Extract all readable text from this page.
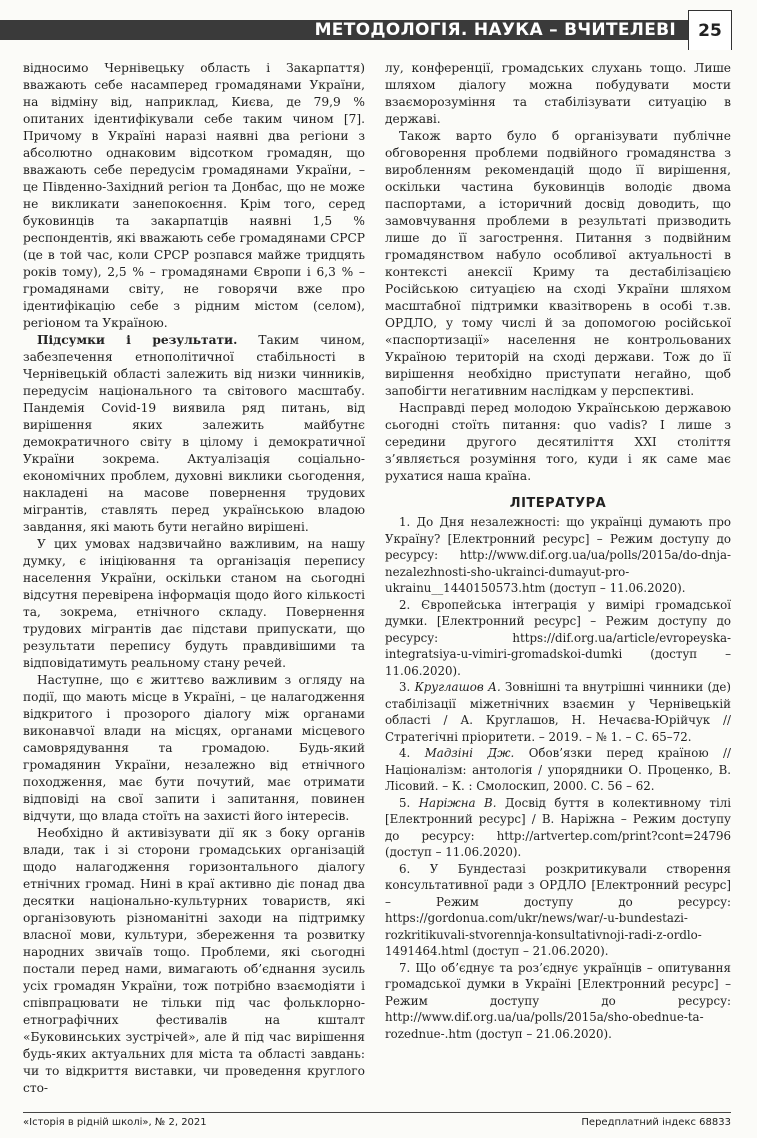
МЕТОДОЛОГІЯ. НАУКА – ВЧИТЕЛЕВІ	25

відносимо Чернівецьку область і Закарпаття) вважають себе насамперед громадянами України, на відміну від, наприклад, Києва, де 79,9 % опитаних ідентифікували себе таким чином [7]. Причому в Україні наразі наявні два регіони з абсолютно однаковим відсотком громадян, що вважають себе передусім громадянами України, – це Південно-Західний регіон та Донбас, що не може не викликати занепокоєння. Крім того, серед буковинців та закарпатців наявні 1,5 % респондентів, які вважають себе громадянами СРСР (це в той час, коли СРСР розпався майже тридцять років тому), 2,5 % – громадянами Європи і 6,3 % – громадянами світу, не говорячи вже про ідентифікацію себе з рідним містом (селом), регіоном та Україною.

Підсумки і результати. Таким чином, забезпечення етнополітичної стабільності в Чернівецькій області залежить від низки чинників, передусім національного та світового масштабу. Пандемія Covid-19 виявила ряд питань, від вирішення яких залежить майбутнє демократичного світу в цілому і демократичної України зокрема. Актуалізація соціально-економічних проблем, духовні виклики сьогодення, накладені на масове повернення трудових мігрантів, ставлять перед українською владою завдання, які мають бути негайно вирішені.

У цих умовах надзвичайно важливим, на нашу думку, є ініціювання та організація перепису населення України, оскільки станом на сьогодні відсутня перевірена інформація щодо його кількості та, зокрема, етнічного складу. Повернення трудових мігрантів дає підстави припускати, що результати перепису будуть правдивішими та відповідатимуть реальному стану речей.

Наступне, що є життєво важливим з огляду на події, що мають місце в Україні, – це налагодження відкритого і прозорого діалогу між органами виконавчої влади на місцях, органами місцевого самоврядування та громадою. Будь-який громадянин України, незалежно від етнічного походження, має бути почутий, має отримати відповіді на свої запити і запитання, повинен відчути, що влада стоїть на захисті його інтересів.

Необхідно й активізувати дії як з боку органів влади, так і зі сторони громадських організацій щодо налагодження горизонтального діалогу етнічних громад. Нині в краї активно діє понад два десятки національно-культурних товариств, які організовують різноманітні заходи на підтримку власної мови, культури, збереження та розвитку народних звичаїв тощо. Проблеми, які сьогодні постали перед нами, вимагають об’єднання зусиль усіх громадян України, тож потрібно взаємодіяти і співпрацювати не тільки під час фольклорно-етнографічних фестивалів на кшталт «Буковинських зустрічей», але й під час вирішення будь-яких актуальних для міста та області завдань: чи то відкриття виставки, чи проведення круглого сто-

лу, конференції, громадських слухань тощо. Лише шляхом діалогу можна побудувати мости взаєморозуміння та стабілізувати ситуацію в державі.

Також варто було б організувати публічне обговорення проблеми подвійного громадянства з виробленням рекомендацій щодо її вирішення, оскільки частина буковинців володіє двома паспортами, а історичний досвід доводить, що замовчування проблеми в результаті призводить лише до її загострення. Питання з подвійним громадянством набуло особливої актуальності в контексті анексії Криму та дестабілізацією Російською ситуацією на сході України шляхом масштабної підтримки квазітворень в особі т.зв. ОРДЛО, у тому числі й за допомогою російської «паспортизації» населення не контрольованих Україною територій на сході держави. Тож до її вирішення необхідно приступати негайно, щоб запобігти негативним наслідкам у перспективі.

Насправді перед молодою Українською державою сьогодні стоїть питання: quo vadis? І лише з середини другого десятиліття ХХІ століття з’являється розуміння того, куди і як саме має рухатися наша країна.

ЛІТЕРАТУРА

1. До Дня незалежності: що українці думають про Україну? [Електронний ресурс] – Режим доступу до ресурсу: http://www.dif.org.ua/ua/polls/2015a/do-dnja-nezalezhnosti-sho-ukrainci-dumayut-pro-ukrainu__1440150573.htm (доступ – 11.06.2020).

2. Європейська інтеграція у вимірі громадської думки. [Електронний ресурс] – Режим доступу до ресурсу: https://dif.org.ua/article/evropeyska-integratsiya-u-vimiri-gromadskoi-dumki (доступ – 11.06.2020).

3. Круглашов А. Зовнішні та внутрішні чинники (де) стабілізації міжетнічних взаємин у Чернівецькій області / А. Круглашов, Н. Нечаєва-Юрійчук // Стратегічні пріоритети. – 2019. – № 1. – С. 65–72.

4. Мадзіні Дж. Обов’язки перед країною // Націоналізм: антологія / упорядники О. Проценко, В. Лісовий. – К. : Смолоскип, 2000. С. 56 – 62.

5. Наріжна В. Досвід буття в колективному тілі [Електронний ресурс] / В. Наріжна – Режим доступу до ресурсу: http://artvertep.com/print?cont=24796 (доступ – 11.06.2020).

6. У Бундестазі розкритикували створення консультативної ради з ОРДЛО [Електронний ресурс] – Режим доступу до ресурсу: https://gordonua.com/ukr/news/war/-u-bundestazi-rozkritikuvali-stvorennja-konsultativnoji-radi-z-ordlo-1491464.html (доступ – 21.06.2020).

7. Що об’єднує та роз’єднує українців – опитування громадської думки в Україні [Електронний ресурс] – Режим доступу до ресурсу: http://www.dif.org.ua/ua/polls/2015a/sho-obednue-ta-rozednue-.htm (доступ – 21.06.2020).

«Історія в рідній школі», № 2, 2021	Передплатний індекс 68833
